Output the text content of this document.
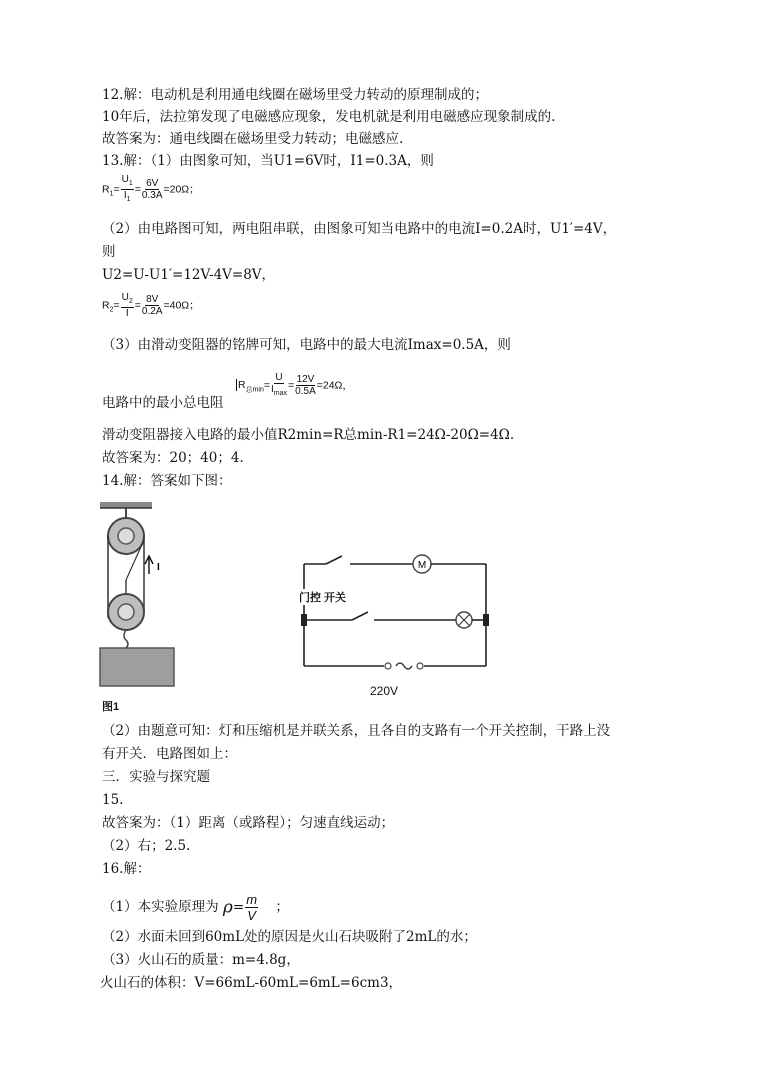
12.解：电动机是利用通电线圈在磁场里受力转动的原理制成的；
10年后，法拉第发现了电磁感应现象，发电机就是利用电磁感应现象制成的.
故答案为：通电线圈在磁场里受力转动；电磁感应.
13.解：（1）由图象可知，当U1=6V时，I1=0.3A，则
$R_1= \frac{U_1}{I_1} = \frac{6V}{0.3A} =20\Omega$；
（2）由电路图可知，两电阻串联，由图象可知当电路中的电流I=0.2A时，U1′=4V，
则
U2=U-U1′=12V-4V=8V，
$R_2= \frac{U_2}{I} = \frac{8V}{0.2A} =40\Omega$；
（3）由滑动变阻器的铭牌可知，电路中的最大电流Imax=0.5A，则
电路中的最小总电阻
$R_{总min}= \frac{U}{I_{max}} = \frac{12V}{0.5A} =24\Omega$，
滑动变阻器接入电路的最小值R2min=R总min-R1=24Ω-20Ω=4Ω.
故答案为：20；40；4.
14.解：答案如下图：
I
图1
M
门控 开关
220V
（2）由题意可知：灯和压缩机是并联关系，且各自的支路有一个开关控制，干路上没
有开关．电路图如上：
三．实验与探究题
15.
故答案为：（1）距离（或路程）；匀速直线运动；
（2）右；2.5.
16.解：
（1）本实验原理为 $\rho= \frac{m}{V}$ ；
（2）水面未回到60mL处的原因是火山石块吸附了2mL的水；
（3）火山石的质量：m=4.8g，
火山石的体积：V=66mL-60mL=6mL=6cm3，
